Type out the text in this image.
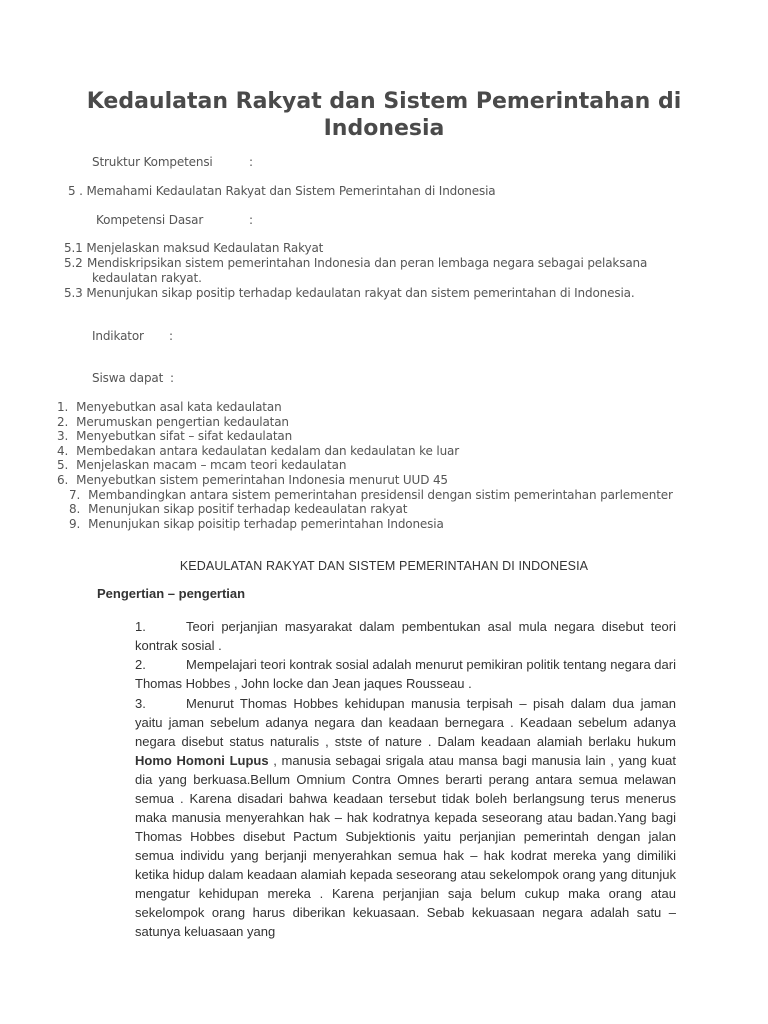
Kedaulatan Rakyat dan Sistem Pemerintahan di Indonesia
Struktur Kompetensi	:
5 . Memahami Kedaulatan Rakyat dan Sistem Pemerintahan di Indonesia
Kompetensi Dasar	:
5.1 Menjelaskan maksud Kedaulatan Rakyat
5.2 Mendiskripsikan sistem pemerintahan Indonesia dan peran lembaga negara sebagai pelaksana
kedaulatan rakyat.
5.3 Menunjukan sikap positip terhadap kedaulatan rakyat dan sistem pemerintahan di Indonesia.
Indikator :
Siswa dapat :
1. Menyebutkan asal kata kedaulatan
2. Merumuskan pengertian kedaulatan
3. Menyebutkan sifat – sifat kedaulatan
4. Membedakan antara kedaulatan kedalam dan kedaulatan ke luar
5. Menjelaskan macam – mcam teori kedaulatan
6. Menyebutkan sistem pemerintahan Indonesia menurut UUD 45
7. Membandingkan antara sistem pemerintahan presidensil dengan sistim pemerintahan parlementer
8. Menunjukan sikap positif terhadap kedeaulatan rakyat
9. Menunjukan sikap poisitip terhadap pemerintahan Indonesia
KEDAULATAN RAKYAT DAN SISTEM PEMERINTAHAN DI INDONESIA
Pengertian – pengertian

1.	Teori perjanjian masyarakat dalam pembentukan asal mula negara disebut teori kontrak sosial .

2.	Mempelajari teori kontrak sosial adalah menurut pemikiran politik tentang negara dari Thomas Hobbes , John locke dan Jean jaques Rousseau .

3.	Menurut Thomas Hobbes kehidupan manusia terpisah – pisah dalam dua jaman yaitu jaman sebelum adanya negara dan keadaan bernegara . Keadaan sebelum adanya negara disebut status naturalis , stste of nature . Dalam keadaan alamiah berlaku hukum Homo Homoni Lupus , manusia sebagai srigala atau mansa bagi manusia lain , yang kuat dia yang berkuasa.Bellum Omnium Contra Omnes berarti perang antara semua melawan semua . Karena disadari bahwa keadaan tersebut tidak boleh berlangsung terus menerus maka manusia menyerahkan hak – hak kodratnya kepada seseorang atau badan.Yang bagi Thomas Hobbes disebut Pactum Subjektionis yaitu perjanjian pemerintah dengan jalan semua individu yang berjanji menyerahkan semua hak – hak kodrat mereka yang dimiliki ketika hidup dalam keadaan alamiah kepada seseorang atau sekelompok orang yang ditunjuk mengatur kehidupan mereka . Karena perjanjian saja belum cukup maka orang atau sekelompok orang harus diberikan kekuasaan. Sebab kekuasaan negara adalah satu – satunya keluasaan yang
